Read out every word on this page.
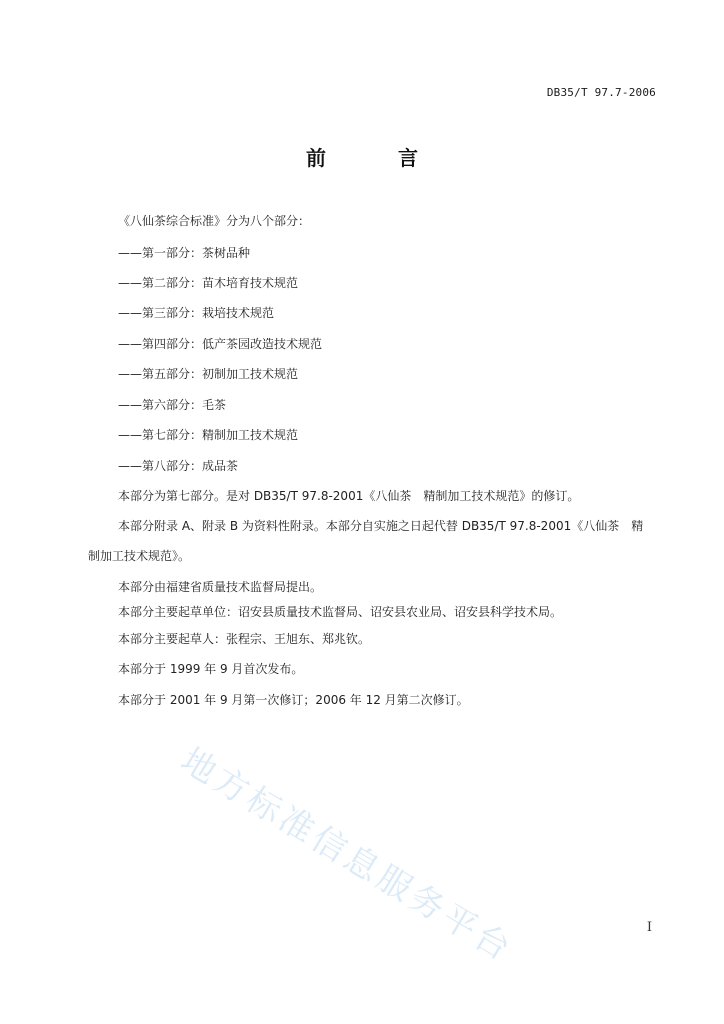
DB35/T 97.7-2006
前	言
《八仙茶综合标准》分为八个部分：
——第一部分：茶树品种
——第二部分：苗木培育技术规范
——第三部分：栽培技术规范
——第四部分：低产茶园改造技术规范
——第五部分：初制加工技术规范
——第六部分：毛茶
——第七部分：精制加工技术规范
——第八部分：成品茶
本部分为第七部分。是对 DB35/T 97.8-2001《八仙茶　精制加工技术规范》的修订。
本部分附录 A、附录 B 为资料性附录。本部分自实施之日起代替 DB35/T 97.8-2001《八仙茶　精
制加工技术规范》。
本部分由福建省质量技术监督局提出。
本部分主要起草单位：诏安县质量技术监督局、诏安县农业局、诏安县科学技术局。
本部分主要起草人：张程宗、王旭东、郑兆钦。
本部分于 1999 年 9 月首次发布。
本部分于 2001 年 9 月第一次修订；2006 年 12 月第二次修订。
地方标准信息服务平台	I
